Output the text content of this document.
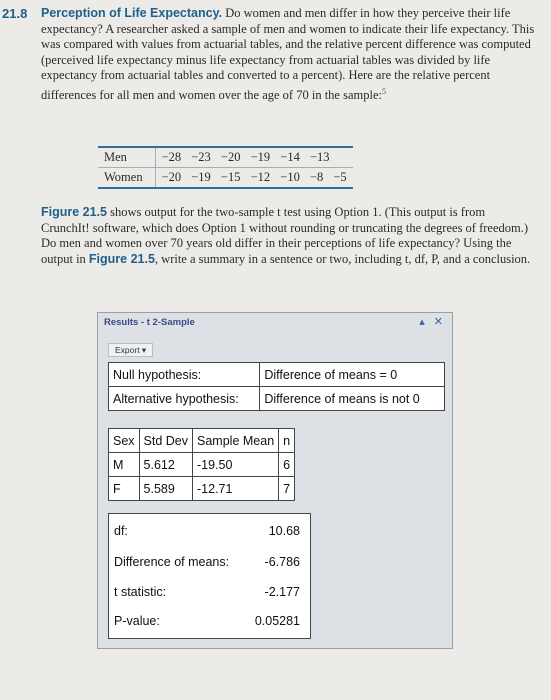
21.8 Perception of Life Expectancy. Do women and men differ in how they perceive their life expectancy? A researcher asked a sample of men and women to indicate their life expectancy. This was compared with values from actuarial tables, and the relative percent difference was computed (perceived life expectancy minus life expectancy from actuarial tables was divided by life expectancy from actuarial tables and converted to a percent). Here are the relative percent differences for all men and women over the age of 70 in the sample:$^5$

Men	−28 −23 −20 −19 −14 −13
Women	−20 −19 −15 −12 −10 −8 −5

Figure 21.5 shows output for the two-sample t test using Option 1. (This output is from CrunchIt! software, which does Option 1 without rounding or truncating the degrees of freedom.) Do men and women over 70 years old differ in their perceptions of life expectancy? Using the output in Figure 21.5, write a summary in a sentence or two, including t, df, P, and a conclusion.

Results - t 2-Sample	▴ ✕
Export ▾
Null hypothesis:	Difference of means = 0
Alternative hypothesis:	Difference of means is not 0
Sex	Std Dev	Sample Mean	n
M	5.612	-19.50	6
F	5.589	-12.71	7
df:	10.68
Difference of means:	-6.786
t statistic:	-2.177
P-value:	0.05281
